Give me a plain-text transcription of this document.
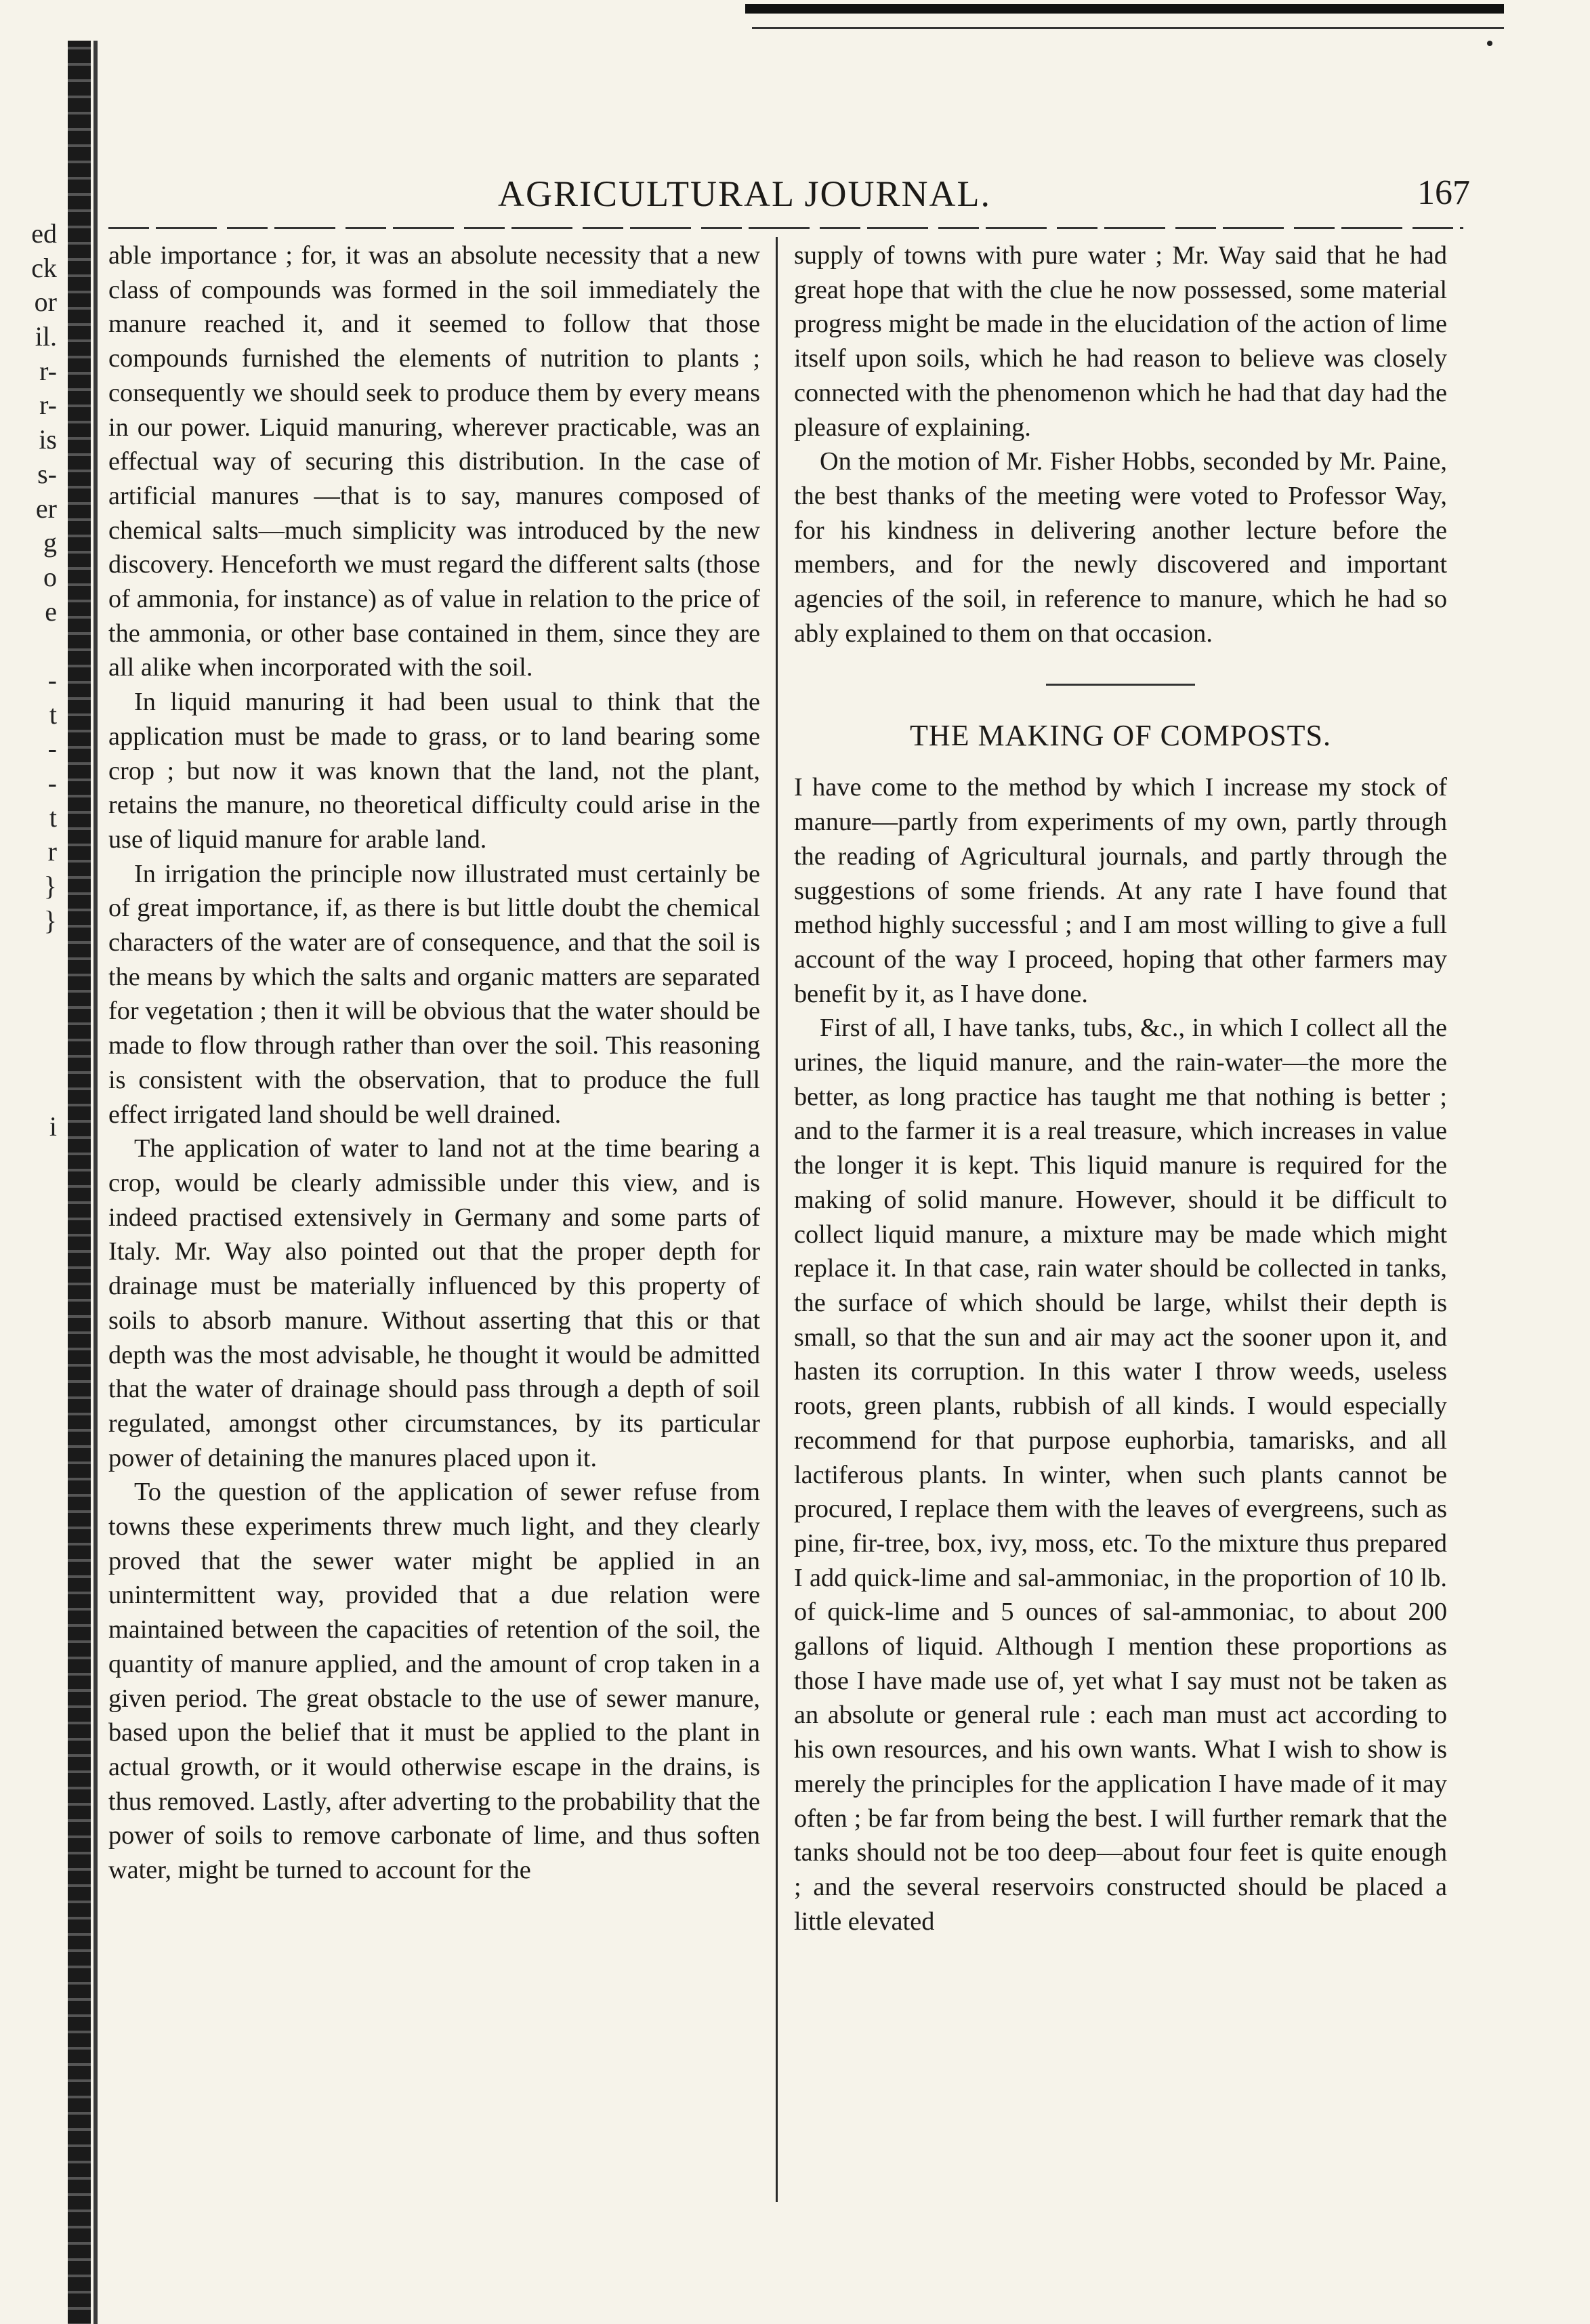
ed
ck
or
il.
r-
r-
is
s-
er
g
o
e
-
t
-
-
t
r
}
}
i
AGRICULTURAL JOURNAL.	167

able importance ; for, it was an absolute necessity that a new class of compounds was formed in the soil immediately the manure reached it, and it seemed to follow that those compounds furnished the elements of nutrition to plants ; consequently we should seek to produce them by every means in our power. Liquid manuring, wherever practicable, was an effectual way of securing this distribution. In the case of artificial manures —that is to say, manures composed of chemical salts—much simplicity was introduced by the new discovery. Henceforth we must regard the different salts (those of ammonia, for instance) as of value in relation to the price of the ammonia, or other base contained in them, since they are all alike when incorporated with the soil.

In liquid manuring it had been usual to think that the application must be made to grass, or to land bearing some crop ; but now it was known that the land, not the plant, retains the manure, no theoretical difficulty could arise in the use of liquid manure for arable land.

In irrigation the principle now illustrated must certainly be of great importance, if, as there is but little doubt the chemical characters of the water are of consequence, and that the soil is the means by which the salts and organic matters are separated for vegetation ; then it will be obvious that the water should be made to flow through rather than over the soil. This reasoning is consistent with the observation, that to produce the full effect irrigated land should be well drained.

The application of water to land not at the time bearing a crop, would be clearly admissible under this view, and is indeed practised extensively in Germany and some parts of Italy. Mr. Way also pointed out that the proper depth for drainage must be materially influenced by this property of soils to absorb manure. Without asserting that this or that depth was the most advisable, he thought it would be admitted that the water of drainage should pass through a depth of soil regulated, amongst other circumstances, by its particular power of detaining the manures placed upon it.

To the question of the application of sewer refuse from towns these experiments threw much light, and they clearly proved that the sewer water might be applied in an unintermittent way, provided that a due relation were maintained between the capacities of retention of the soil, the quantity of manure applied, and the amount of crop taken in a given period. The great obstacle to the use of sewer manure, based upon the belief that it must be applied to the plant in actual growth, or it would otherwise escape in the drains, is thus removed. Lastly, after adverting to the probability that the power of soils to remove carbonate of lime, and thus soften water, might be turned to account for the

supply of towns with pure water ; Mr. Way said that he had great hope that with the clue he now possessed, some material progress might be made in the elucidation of the action of lime itself upon soils, which he had reason to believe was closely connected with the phenomenon which he had that day had the pleasure of explaining.

On the motion of Mr. Fisher Hobbs, seconded by Mr. Paine, the best thanks of the meeting were voted to Professor Way, for his kindness in delivering another lecture before the members, and for the newly discovered and important agencies of the soil, in reference to manure, which he had so ably explained to them on that occasion.

THE MAKING OF COMPOSTS.

I have come to the method by which I increase my stock of manure—partly from experiments of my own, partly through the reading of Agricultural journals, and partly through the suggestions of some friends. At any rate I have found that method highly successful ; and I am most willing to give a full account of the way I proceed, hoping that other farmers may benefit by it, as I have done.

First of all, I have tanks, tubs, &c., in which I collect all the urines, the liquid manure, and the rain-water—the more the better, as long practice has taught me that nothing is better ; and to the farmer it is a real treasure, which increases in value the longer it is kept. This liquid manure is required for the making of solid manure. However, should it be difficult to collect liquid manure, a mixture may be made which might replace it. In that case, rain water should be collected in tanks, the surface of which should be large, whilst their depth is small, so that the sun and air may act the sooner upon it, and hasten its corruption. In this water I throw weeds, useless roots, green plants, rubbish of all kinds. I would especially recommend for that purpose euphorbia, tamarisks, and all lactiferous plants. In winter, when such plants cannot be procured, I replace them with the leaves of evergreens, such as pine, fir-tree, box, ivy, moss, etc. To the mixture thus prepared I add quick-lime and sal-ammoniac, in the proportion of 10 lb. of quick-lime and 5 ounces of sal-ammoniac, to about 200 gallons of liquid. Although I mention these proportions as those I have made use of, yet what I say must not be taken as an absolute or general rule : each man must act according to his own resources, and his own wants. What I wish to show is merely the principles for the application I have made of it may often ; be far from being the best. I will further remark that the tanks should not be too deep—about four feet is quite enough ; and the several reservoirs constructed should be placed a little elevated
